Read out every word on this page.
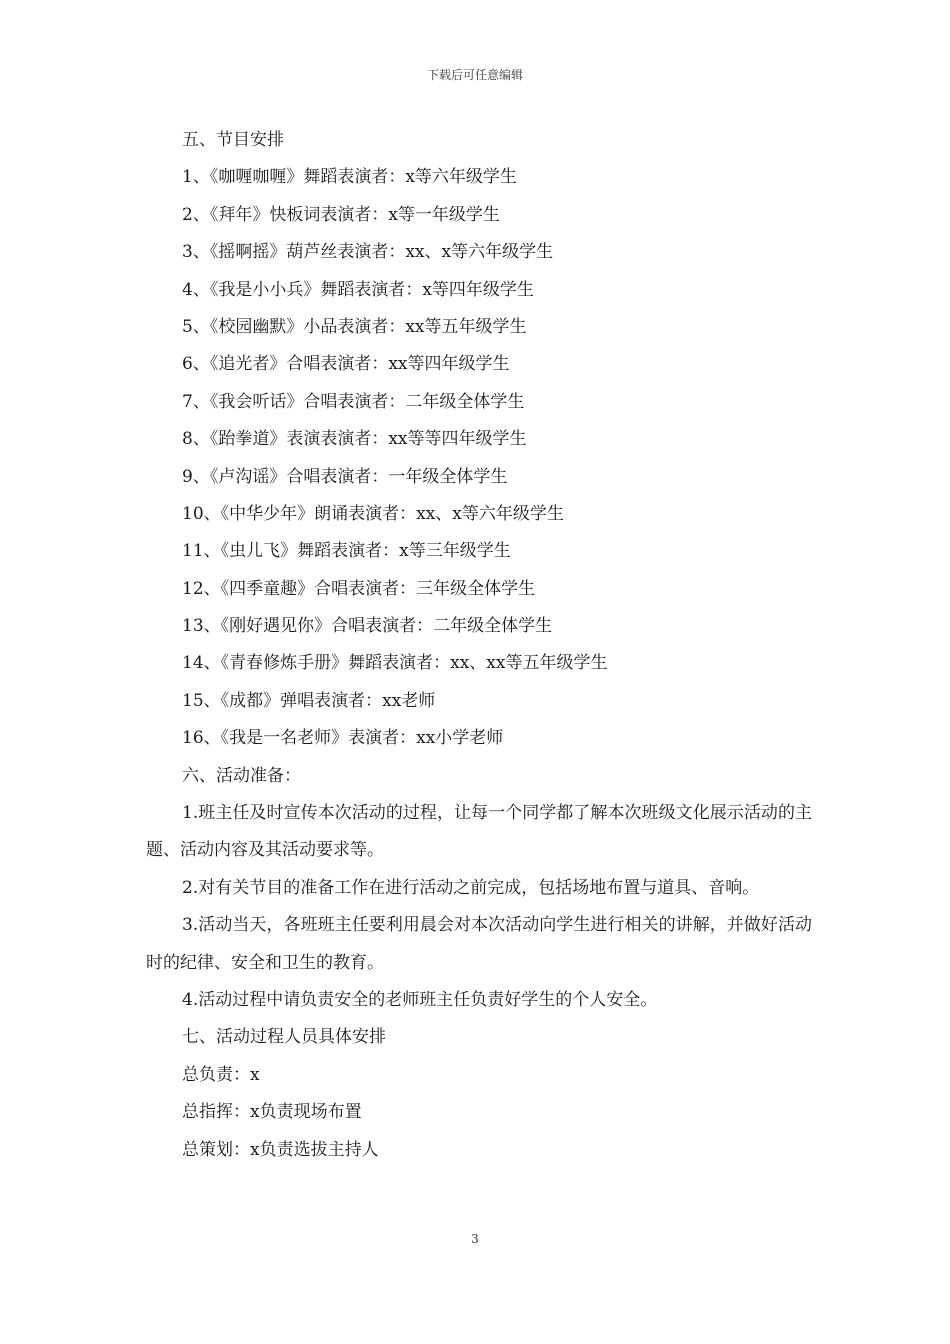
下载后可任意编辑
五、节目安排
1、《咖喱咖喱》舞蹈表演者：x等六年级学生
2、《拜年》快板词表演者：x等一年级学生
3、《摇啊摇》葫芦丝表演者：xx、x等六年级学生
4、《我是小小兵》舞蹈表演者：x等四年级学生
5、《校园幽默》小品表演者：xx等五年级学生
6、《追光者》合唱表演者：xx等四年级学生
7、《我会听话》合唱表演者：二年级全体学生
8、《跆拳道》表演表演者：xx等等四年级学生
9、《卢沟谣》合唱表演者：一年级全体学生
10、《中华少年》朗诵表演者：xx、x等六年级学生
11、《虫儿飞》舞蹈表演者：x等三年级学生
12、《四季童趣》合唱表演者：三年级全体学生
13、《刚好遇见你》合唱表演者：二年级全体学生
14、《青春修炼手册》舞蹈表演者：xx、xx等五年级学生
15、《成都》弹唱表演者：xx老师
16、《我是一名老师》表演者：xx小学老师
六、活动准备：
1.班主任及时宣传本次活动的过程，让每一个同学都了解本次班级文化展示活动的主题、活动内容及其活动要求等。
2.对有关节目的准备工作在进行活动之前完成，包括场地布置与道具、音响。
3.活动当天，各班班主任要利用晨会对本次活动向学生进行相关的讲解，并做好活动时的纪律、安全和卫生的教育。
4.活动过程中请负责安全的老师班主任负责好学生的个人安全。
七、活动过程人员具体安排
总负责：x
总指挥：x负责现场布置
总策划：x负责选拔主持人
3
